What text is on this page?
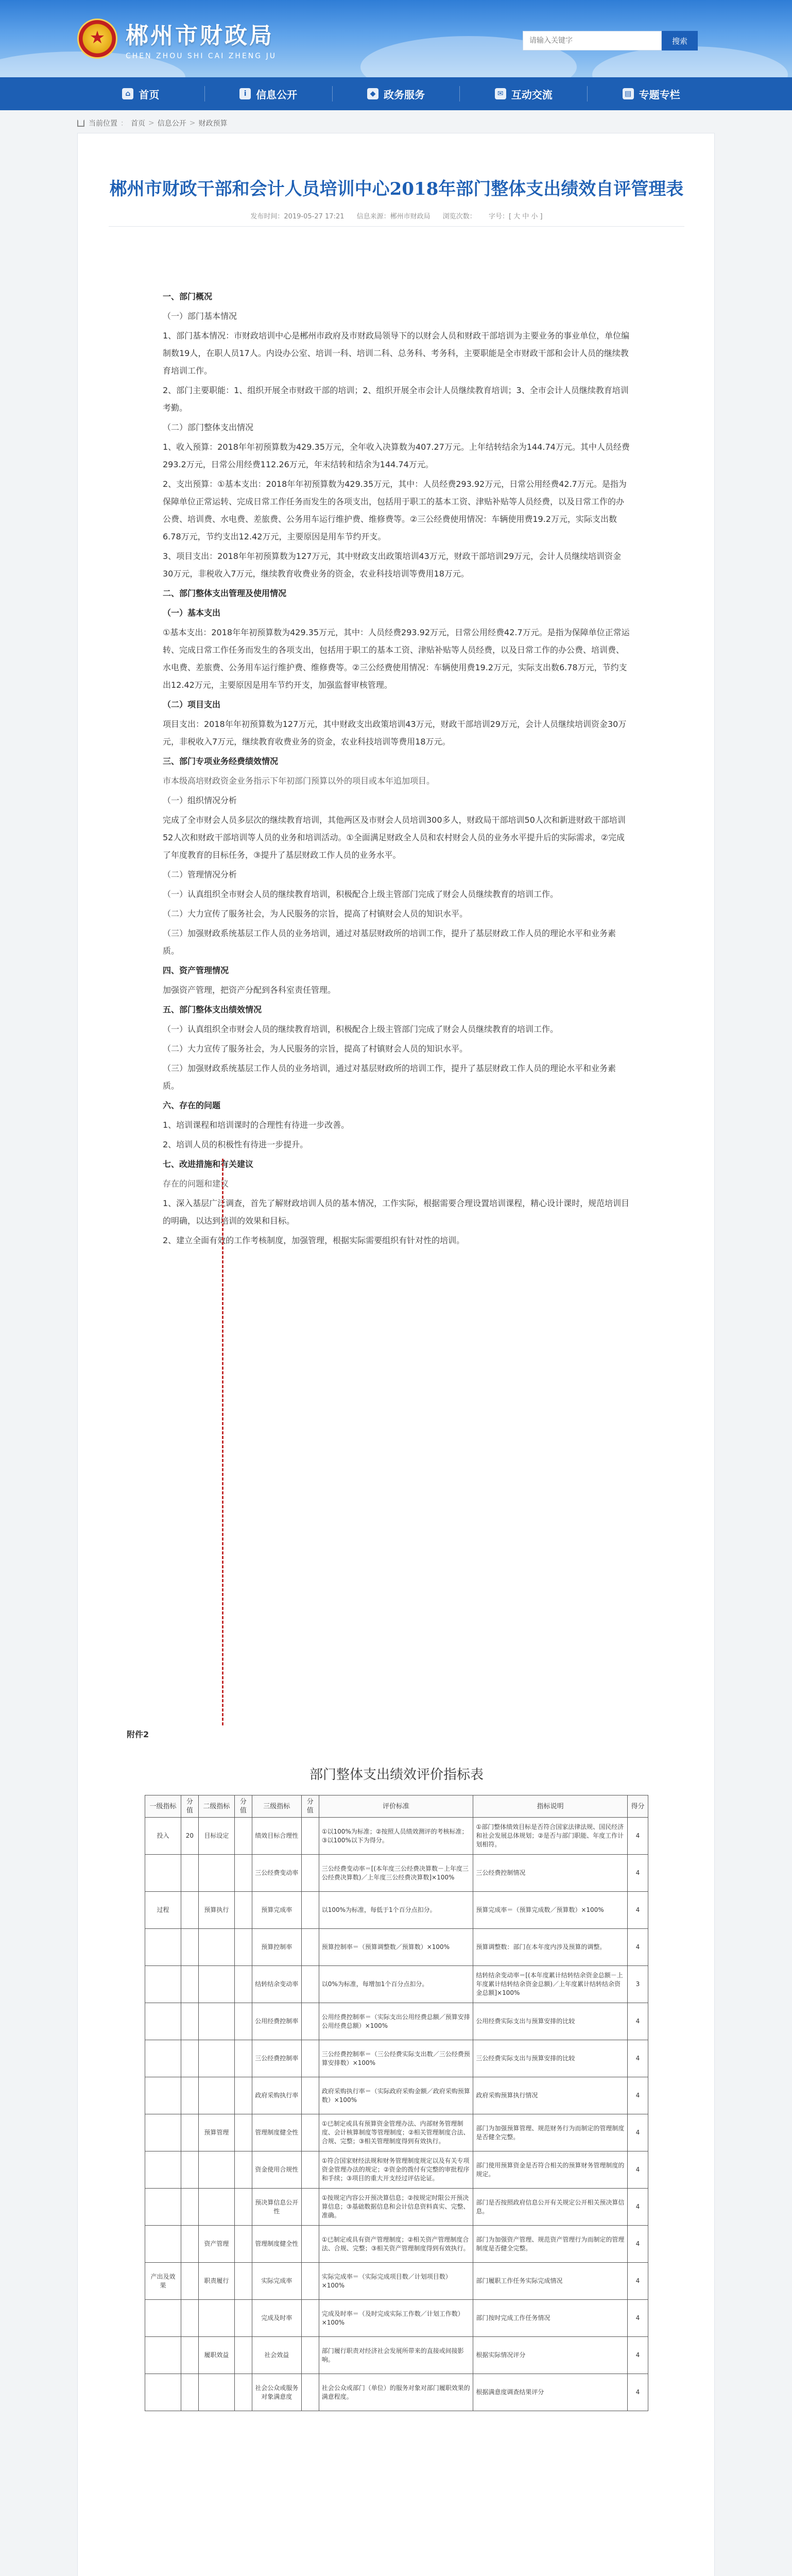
★
郴州市财政局
CHEN ZHOU SHI CAI ZHENG JU
请输入关键字
搜索
⌂ 首页	i 信息公开	◆ 政务服务	✉ 互动交流	▤ 专题专栏
当前位置 ： 首页 > 信息公开 > 财政预算
郴州市财政干部和会计人员培训中心2018年部门整体支出绩效自评管理表
发布时间：2019-05-27 17:21 信息来源：郴州市财政局 浏览次数： 字号：[ 大 中 小 ]

一、部门概况

（一）部门基本情况

1、部门基本情况：市财政培训中心是郴州市政府及市财政局领导下的以财会人员和财政干部培训为主要业务的事业单位，单位编制数19人，在职人员17人。内设办公室、培训一科、培训二科、总务科、考务科，主要职能是全市财政干部和会计人员的继续教育培训工作。

2、部门主要职能：1、组织开展全市财政干部的培训；2、组织开展全市会计人员继续教育培训；3、全市会计人员继续教育培训考勤。

（二）部门整体支出情况

1、收入预算：2018年年初预算数为429.35万元，全年收入决算数为407.27万元。上年结转结余为144.74万元。其中人员经费293.2万元，日常公用经费112.26万元，年末结转和结余为144.74万元。

2、支出预算：①基本支出：2018年年初预算数为429.35万元，其中：人员经费293.92万元，日常公用经费42.7万元。是指为保障单位正常运转、完成日常工作任务而发生的各项支出，包括用于职工的基本工资、津贴补贴等人员经费，以及日常工作的办公费、培训费、水电费、差旅费、公务用车运行维护费、维修费等。②三公经费使用情况：车辆使用费19.2万元，实际支出数6.78万元，节约支出12.42万元，主要原因是用车节约开支。

3、项目支出：2018年年初预算数为127万元，其中财政支出政策培训43万元，财政干部培训29万元，会计人员继续培训资金30万元，非税收入7万元，继续教育收费业务的资金，农业科技培训等费用18万元。

二、部门整体支出管理及使用情况

（一）基本支出

①基本支出：2018年年初预算数为429.35万元，其中：人员经费293.92万元，日常公用经费42.7万元。是指为保障单位正常运转、完成日常工作任务而发生的各项支出，包括用于职工的基本工资、津贴补贴等人员经费，以及日常工作的办公费、培训费、水电费、差旅费、公务用车运行维护费、维修费等。②三公经费使用情况：车辆使用费19.2万元，实际支出数6.78万元，节约支出12.42万元，主要原因是用车节约开支，加强监督审核管理。

（二）项目支出

项目支出：2018年年初预算数为127万元，其中财政支出政策培训43万元，财政干部培训29万元，会计人员继续培训资金30万元，非税收入7万元，继续教育收费业务的资金，农业科技培训等费用18万元。

三、部门专项业务经费绩效情况

市本级高培财政资金业务指示下年初部门预算以外的项目或本年追加项目。

（一）组织情况分析

完成了全市财会人员多层次的继续教育培训，其他两区及市财会人员培训300多人，财政局干部培训50人次和新进财政干部培训52人次和财政干部培训等人员的业务和培训活动。①全面满足财政全人员和农村财会人员的业务水平提升后的实际需求，②完成了年度教育的目标任务，③提升了基层财政工作人员的业务水平。

（二）管理情况分析

（一）认真组织全市财会人员的继续教育培训，积极配合上级主管部门完成了财会人员继续教育的培训工作。

（二）大力宣传了服务社会，为人民服务的宗旨，提高了村镇财会人员的知识水平。

（三）加强财政系统基层工作人员的业务培训，通过对基层财政所的培训工作，提升了基层财政工作人员的理论水平和业务素质。

四、资产管理情况

加强资产管理，把资产分配到各科室责任管理。

五、部门整体支出绩效情况

（一）认真组织全市财会人员的继续教育培训，积极配合上级主管部门完成了财会人员继续教育的培训工作。

（二）大力宣传了服务社会，为人民服务的宗旨，提高了村镇财会人员的知识水平。

（三）加强财政系统基层工作人员的业务培训，通过对基层财政所的培训工作，提升了基层财政工作人员的理论水平和业务素质。

六、存在的问题

1、培训课程和培训课时的合理性有待进一步改善。

2、培训人员的积极性有待进一步提升。

七、改进措施和有关建议

存在的问题和建议

1、深入基层广泛调查，首先了解财政培训人员的基本情况，工作实际，根据需要合理设置培训课程，精心设计课时，规范培训目的明确，以达到培训的效果和目标。

2、建立全面有效的工作考核制度，加强管理，根据实际需要组织有针对性的培训。

附件2
部门整体支出绩效评价指标表
一级指标	分值	二级指标	分值	三级指标	分值	评价标准	指标说明	得分
投入	20	目标设定		绩效目标合理性		①以100%为标准；②按照人员绩效测评的考核标准；③以100%以下为得分。	①部门整体绩效目标是否符合国家法律法规、国民经济和社会发展总体规划；②是否与部门职能、年度工作计划相符。	4
				三公经费变动率		三公经费变动率＝[(本年度三公经费决算数－上年度三公经费决算数)／上年度三公经费决算数]×100%	三公经费控制情况	4
过程		预算执行		预算完成率		以100%为标准，每低于1个百分点扣分。	预算完成率＝（预算完成数／预算数）×100%	4
				预算控制率		预算控制率＝（预算调整数／预算数）×100%	预算调整数：部门在本年度内涉及预算的调整。	4
				结转结余变动率		以0%为标准，每增加1个百分点扣分。	结转结余变动率＝[(本年度累计结转结余资金总额－上年度累计结转结余资金总额)／上年度累计结转结余资金总额]×100%	3
				公用经费控制率		公用经费控制率＝（实际支出公用经费总额／预算安排公用经费总额）×100%	公用经费实际支出与预算安排的比较	4
				三公经费控制率		三公经费控制率＝（三公经费实际支出数／三公经费预算安排数）×100%	三公经费实际支出与预算安排的比较	4
				政府采购执行率		政府采购执行率＝（实际政府采购金额／政府采购预算数）×100%	政府采购预算执行情况	4
		预算管理		管理制度健全性		①已制定或具有预算资金管理办法、内部财务管理制度、会计核算制度等管理制度；②相关管理制度合法、合规、完整；③相关管理制度得到有效执行。	部门为加强预算管理、规范财务行为而制定的管理制度是否健全完整。	4
				资金使用合规性		①符合国家财经法规和财务管理制度规定以及有关专项资金管理办法的规定；②资金的拨付有完整的审批程序和手续；③项目的重大开支经过评估论证。	部门使用预算资金是否符合相关的预算财务管理制度的规定。	4
				预决算信息公开性		①按规定内容公开预决算信息；②按规定时限公开预决算信息；③基础数据信息和会计信息资料真实、完整、准确。	部门是否按照政府信息公开有关规定公开相关预决算信息。	4
		资产管理		管理制度健全性		①已制定或具有资产管理制度；②相关资产管理制度合法、合规、完整；③相关资产管理制度得到有效执行。	部门为加强资产管理、规范资产管理行为而制定的管理制度是否健全完整。	4
产出及效果		职责履行		实际完成率		实际完成率＝（实际完成项目数／计划项目数）×100%	部门履职工作任务实际完成情况	4
				完成及时率		完成及时率＝（及时完成实际工作数／计划工作数）×100%	部门按时完成工作任务情况	4
		履职效益		社会效益		部门履行职责对经济社会发展所带来的直接或间接影响。	根据实际情况评分	4
				社会公众或服务对象满意度		社会公众或部门（单位）的服务对象对部门履职效果的满意程度。	根据满意度调查结果评分	4
